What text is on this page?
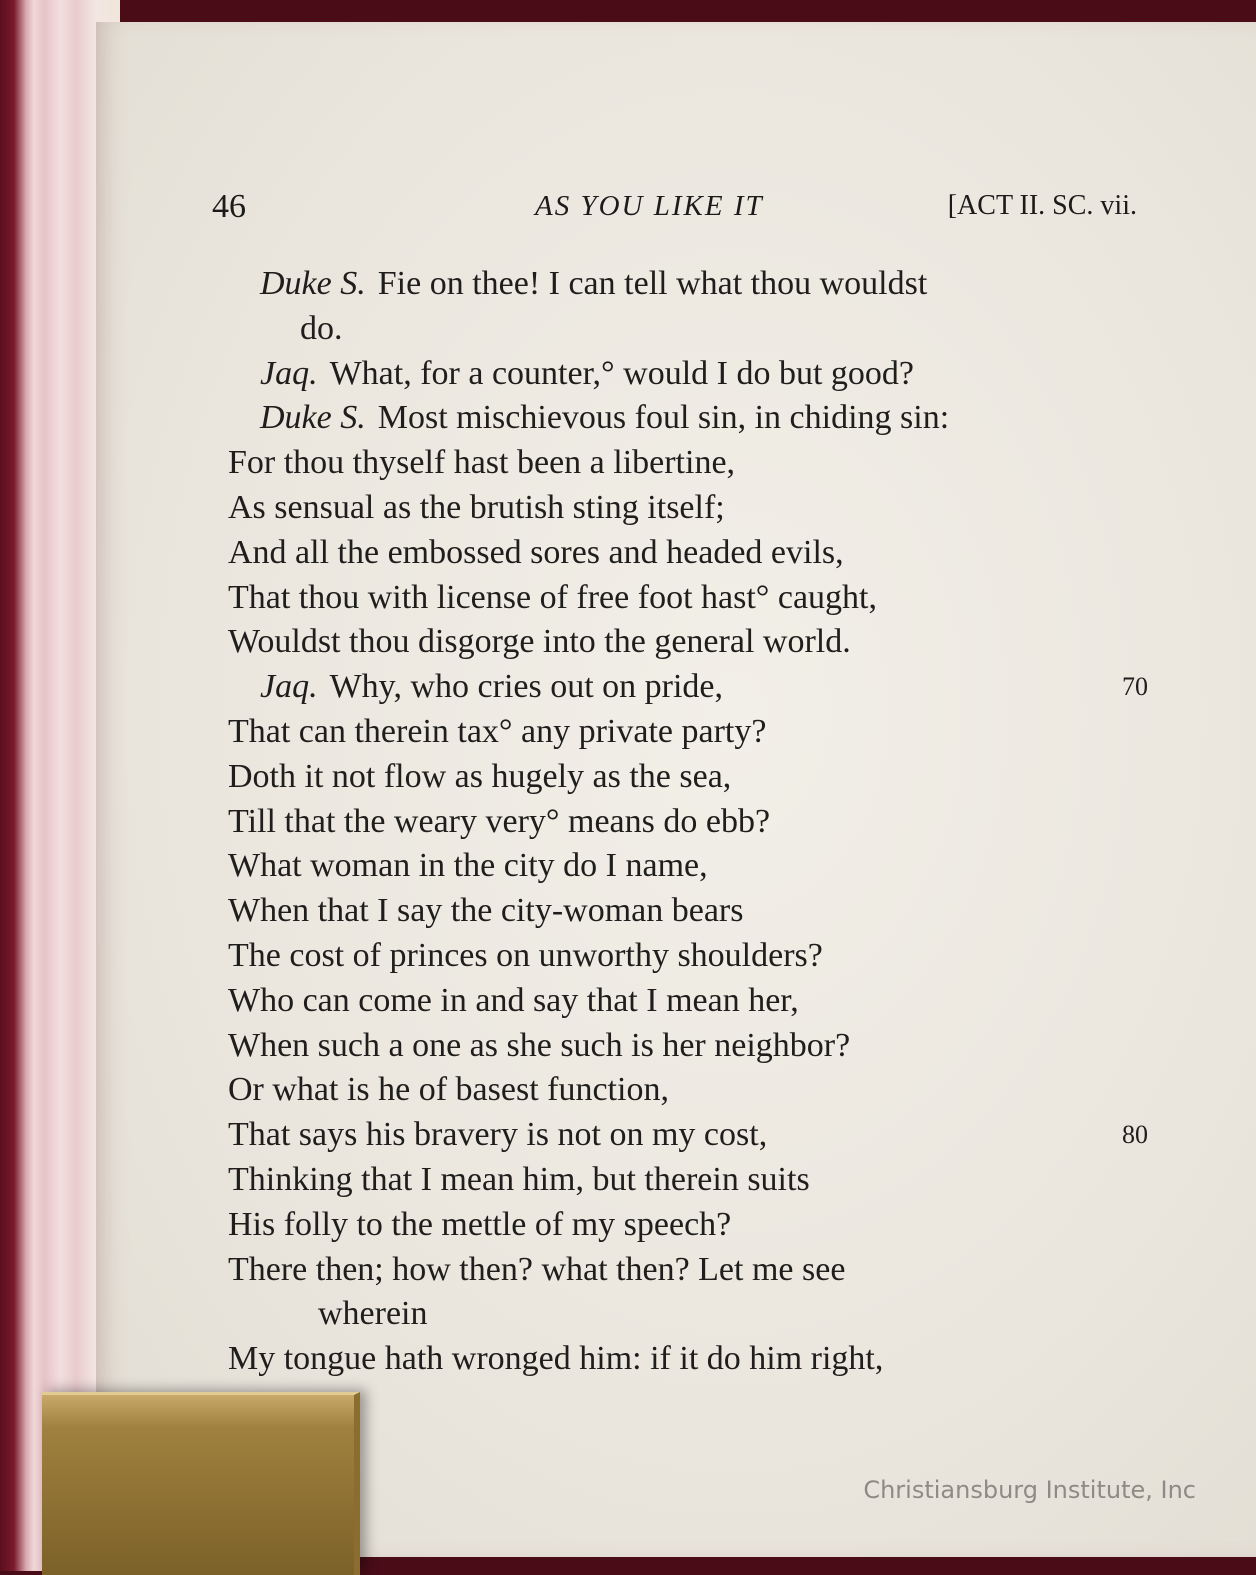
46	AS YOU LIKE IT	[ACT II. SC. vii.
Duke S. Fie on thee! I can tell what thou wouldst
do.
Jaq. What, for a counter,° would I do but good?
Duke S. Most mischievous foul sin, in chiding sin:
For thou thyself hast been a libertine,
As sensual as the brutish sting itself;
And all the embossed sores and headed evils,
That thou with license of free foot hast° caught,
Wouldst thou disgorge into the general world.
Jaq. Why, who cries out on pride,	70
That can therein tax° any private party?
Doth it not flow as hugely as the sea,
Till that the weary very° means do ebb?
What woman in the city do I name,
When that I say the city-woman bears
The cost of princes on unworthy shoulders?
Who can come in and say that I mean her,
When such a one as she such is her neighbor?
Or what is he of basest function,
That says his bravery is not on my cost,	80
Thinking that I mean him, but therein suits
His folly to the mettle of my speech?
There then; how then? what then? Let me see
wherein
My tongue hath wronged him: if it do him right,
Christiansburg Institute, Inc
